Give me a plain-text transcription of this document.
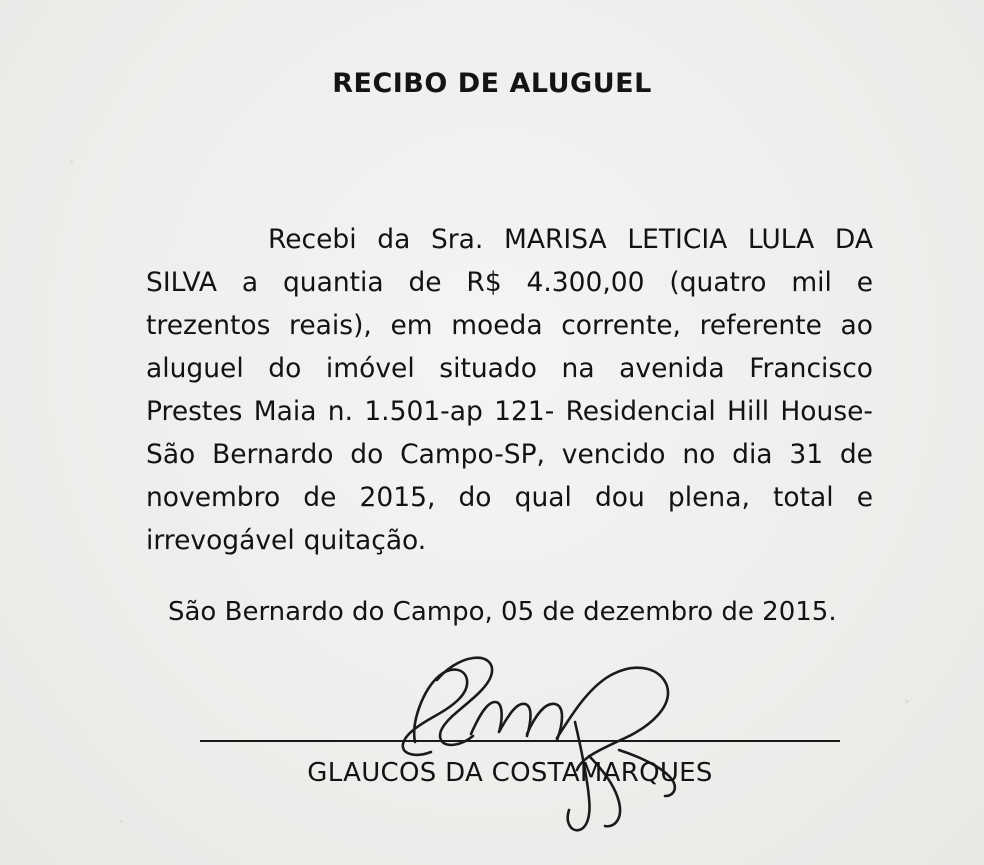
RECIBO DE ALUGUEL

Recebi da Sra. MARISA LETICIA LULA DA SILVA a quantia de R$ 4.300,00 (quatro mil e trezentos reais), em moeda corrente, referente ao aluguel do imóvel situado na avenida Francisco Prestes Maia n. 1.501-ap 121- Residencial Hill House- São Bernardo do Campo-SP, vencido no dia 31 de novembro de 2015, do qual dou plena, total e irrevogável quitação.

São Bernardo do Campo, 05 de dezembro de 2015.
GLAUCOS DA COSTAMARQUES
